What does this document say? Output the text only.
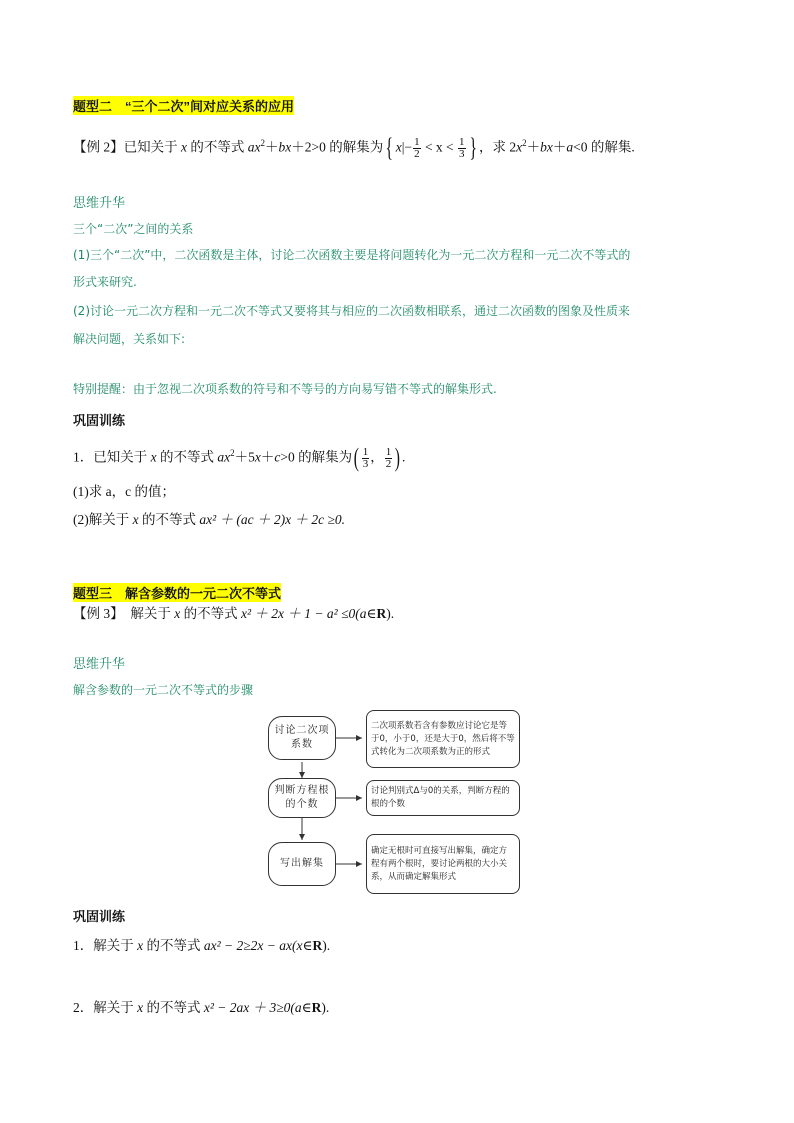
题型二　“三个二次”间对应关系的应用
【例 2】已知关于 x 的不等式 $ax^2+bx+2>0$ 的解集为{ $x|- \frac{1}{2} < x < \frac{1}{3}$ } ，求 $2x^2+bx+a<0$ 的解集.
思维升华
三个“二次”之间的关系
(1)三个“二次”中，二次函数是主体，讨论二次函数主要是将问题转化为一元二次方程和一元二次不等式的
形式来研究.
(2)讨论一元二次方程和一元二次不等式又要将其与相应的二次函数相联系，通过二次函数的图象及性质来
解决问题，关系如下:
特别提醒：由于忽视二次项系数的符号和不等号的方向易写错不等式的解集形式.
巩固训练
1．已知关于 x 的不等式 $ax^2+5x+c>0$ 的解集为( $\frac{1}{3}$ ， $\frac{1}{2}$ ) .
(1)求 a，c 的值；
(2)解关于 x 的不等式 ax² ＋ (ac ＋ 2)x ＋ 2c ≥0.
题型三　解含参数的一元二次不等式
【例 3】　解关于 x 的不等式 x² ＋ 2x ＋ 1 − a² ≤0(a∈R).
思维升华
解含参数的一元二次不等式的步骤
讨论二次项系数
二次项系数若含有参数应讨论它是等于0，小于0，还是大于0，然后将不等式转化为二次项系数为正的形式
判断方程根的个数
讨论判别式Δ与0的关系，判断方程的根的个数
写出解集
确定无根时可直接写出解集，确定方程有两个根时，要讨论两根的大小关系，从而确定解集形式
巩固训练
1．解关于 x 的不等式 ax² − 2≥2x − ax(x∈R).
2．解关于 x 的不等式 x² − 2ax ＋ 3≥0(a∈R).
